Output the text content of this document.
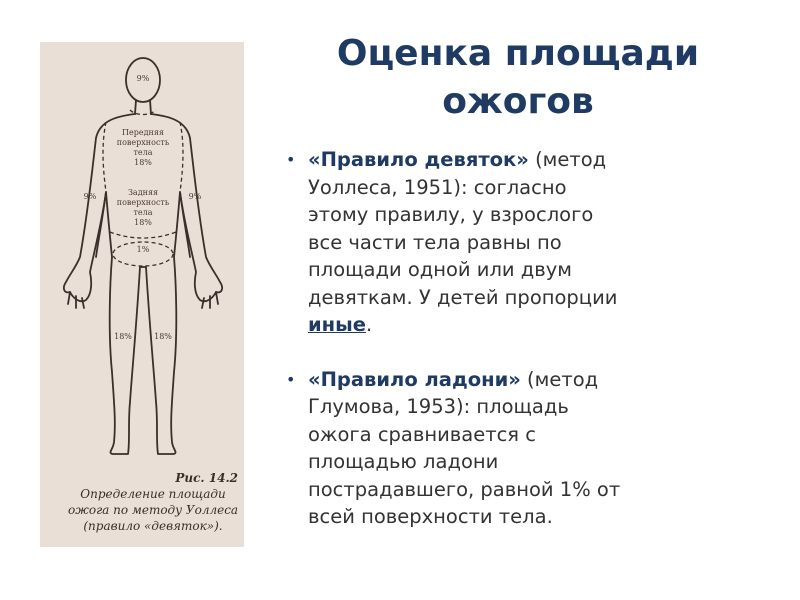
9%
Передняя
поверхность
тела
18%
Задняя
поверхность
тела
18%
9%	9%
1%
18%	18%
Рис. 14.2
Определение площади
ожога по методу Уоллеса
(правило «девяток»).
Оценка площади
ожогов
• «Правило девяток» (метод
Уоллеса, 1951): согласно
этому правилу, у взрослого
все части тела равны по
площади одной или двум
девяткам. У детей пропорции
иные.
• «Правило ладони» (метод
Глумова, 1953): площадь
ожога сравнивается с
площадью ладони
пострадавшего, равной 1% от
всей поверхности тела.
